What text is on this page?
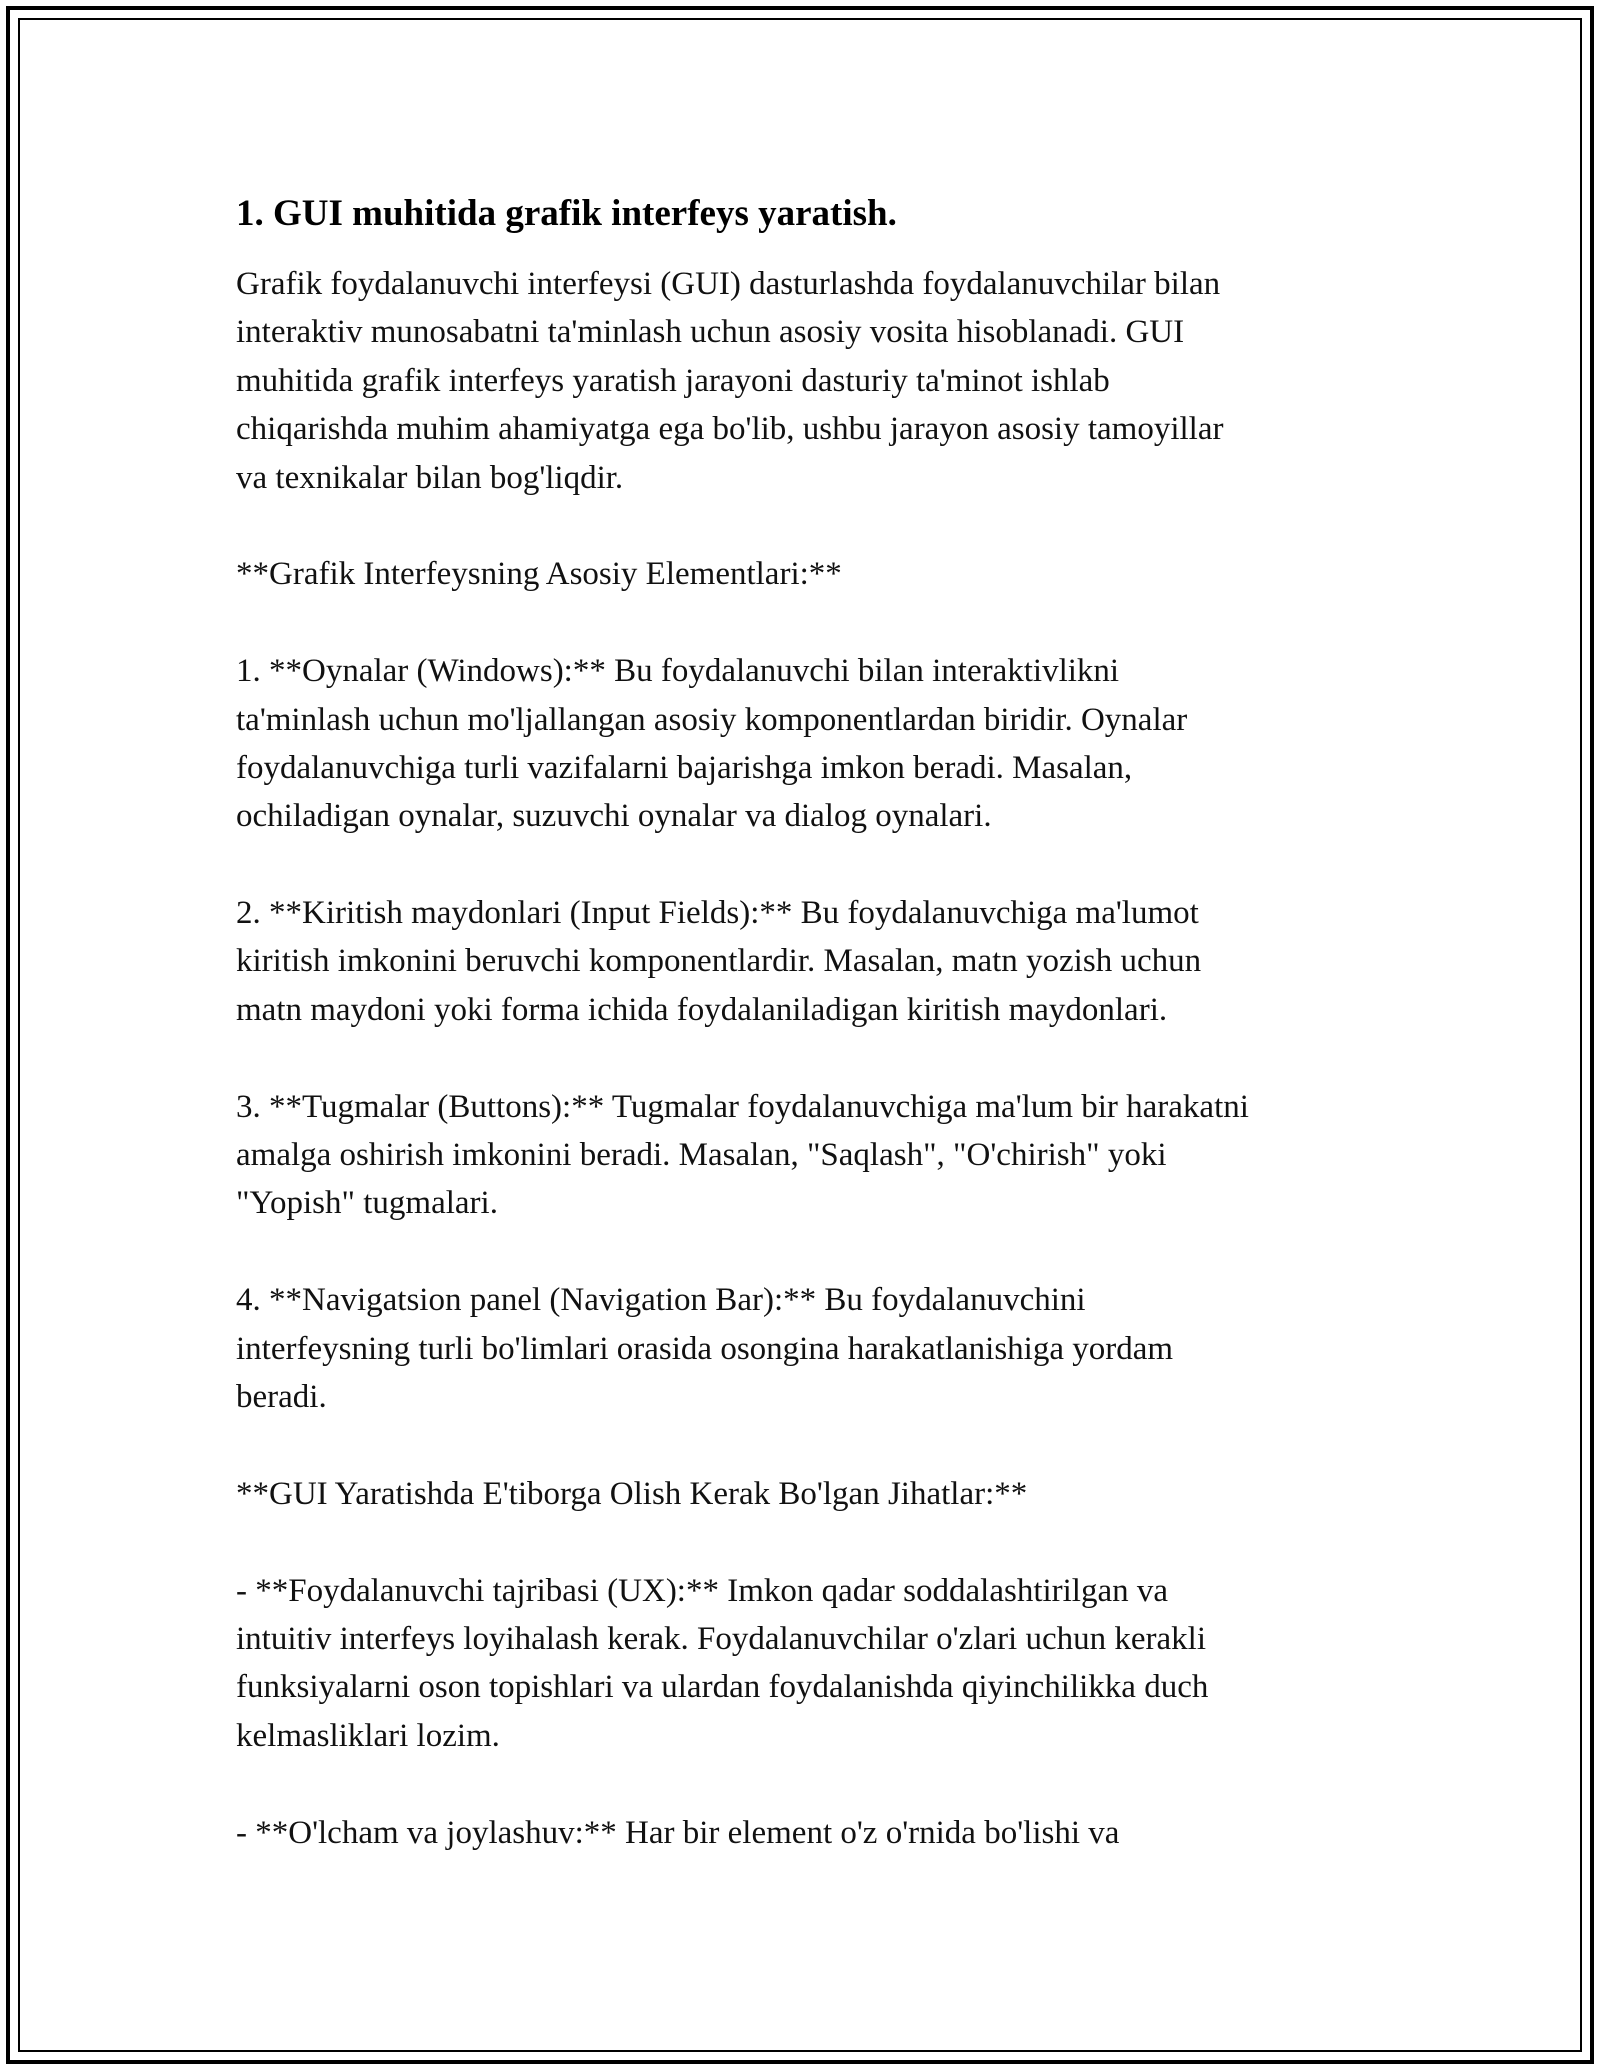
1. GUI muhitida grafik interfeys yaratish.

Grafik foydalanuvchi interfeysi (GUI) dasturlashda foydalanuvchilar bilan
interaktiv munosabatni ta'minlash uchun asosiy vosita hisoblanadi. GUI
muhitida grafik interfeys yaratish jarayoni dasturiy ta'minot ishlab
chiqarishda muhim ahamiyatga ega bo'lib, ushbu jarayon asosiy tamoyillar
va texnikalar bilan bog'liqdir.

**Grafik Interfeysning Asosiy Elementlari:**

1. **Oynalar (Windows):** Bu foydalanuvchi bilan interaktivlikni
ta'minlash uchun mo'ljallangan asosiy komponentlardan biridir. Oynalar
foydalanuvchiga turli vazifalarni bajarishga imkon beradi. Masalan,
ochiladigan oynalar, suzuvchi oynalar va dialog oynalari.

2. **Kiritish maydonlari (Input Fields):** Bu foydalanuvchiga ma'lumot
kiritish imkonini beruvchi komponentlardir. Masalan, matn yozish uchun
matn maydoni yoki forma ichida foydalaniladigan kiritish maydonlari.

3. **Tugmalar (Buttons):** Tugmalar foydalanuvchiga ma'lum bir harakatni
amalga oshirish imkonini beradi. Masalan, "Saqlash", "O'chirish" yoki
"Yopish" tugmalari.

4. **Navigatsion panel (Navigation Bar):** Bu foydalanuvchini
interfeysning turli bo'limlari orasida osongina harakatlanishiga yordam
beradi.

**GUI Yaratishda E'tiborga Olish Kerak Bo'lgan Jihatlar:**

- **Foydalanuvchi tajribasi (UX):** Imkon qadar soddalashtirilgan va
intuitiv interfeys loyihalash kerak. Foydalanuvchilar o'zlari uchun kerakli
funksiyalarni oson topishlari va ulardan foydalanishda qiyinchilikka duch
kelmasliklari lozim.

- **O'lcham va joylashuv:** Har bir element o'z o'rnida bo'lishi va
